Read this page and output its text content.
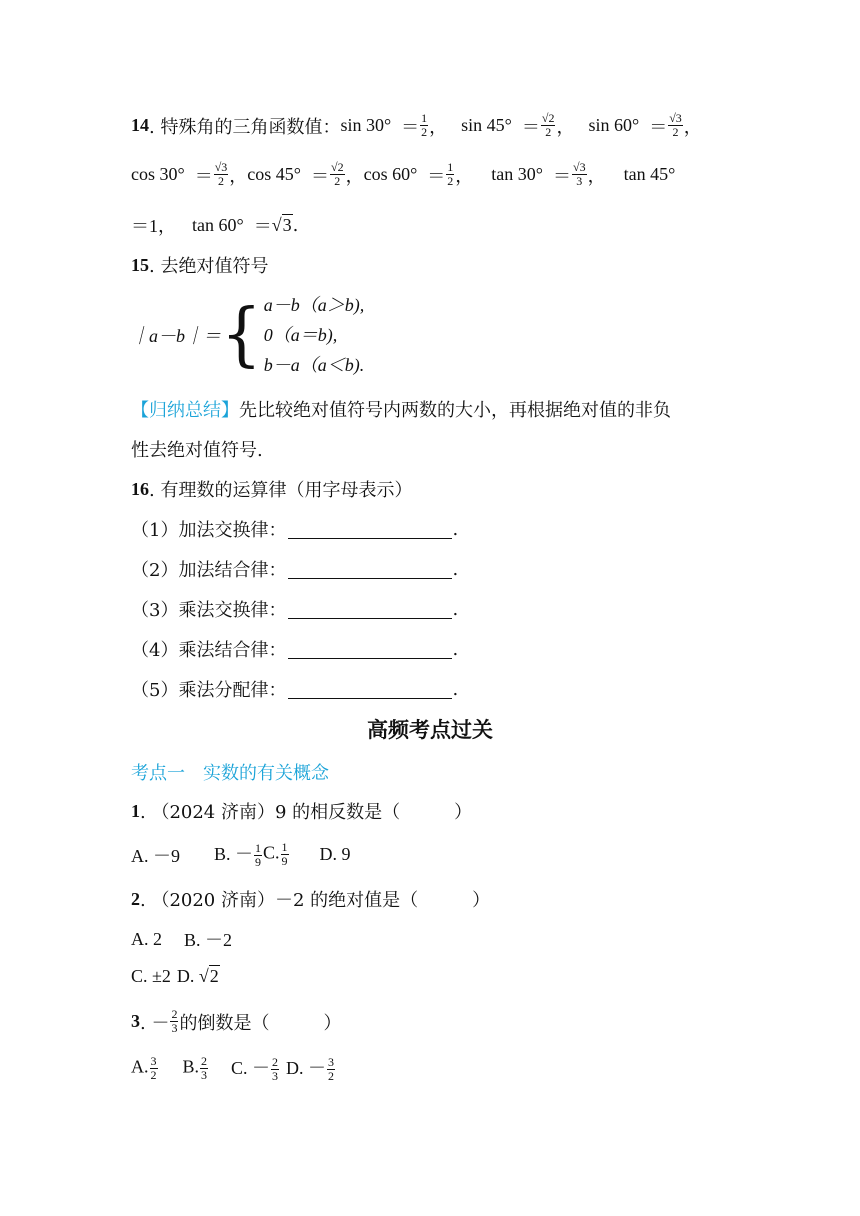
14 . 特殊角的三角函数值： $\sin 30^\circ = \frac{1}{2}$ ， $\sin 45^\circ = \frac{√2}{2}$ ， $\sin 60^\circ = \frac{√3}{2}$ ，
$\cos 30^\circ = \frac{√3}{2}$ ， $\cos 45^\circ = \frac{√2}{2}$ ， $\cos 60^\circ = \frac{1}{2}$ ， $\tan 30^\circ = \frac{√3}{3}$ ， tan 45°
＝1， tan 60° ＝ √3 .
15 . 去绝对值符号
｜a－b｜＝ { a－b（a＞b),
0（a＝b),
b－a（a＜b).
【归纳总结】先比较绝对值符号内两数的大小，再根据绝对值的非负
性去绝对值符号.
16 . 有理数的运算律（用字母表示）
（1）加法交换律：	.
（2）加法结合律：	.
（3）乘法交换律：	.
（4）乘法结合律：	.
（5）乘法分配律：	.
高频考点过关
考点一　实数的有关概念
1 . （2024 济南）9 的相反数是（　　　）
A. －9 B. － $\frac{1}{9} C$. $\frac{1}{9} D$. 9
2 . （2020 济南）－2 的绝对值是（　　　）
A. 2 B. －2
C. ±2 D. √2
3 . － $\frac{2}{3}$ 的倒数是（　　　）
A. $\frac{3}{2} B$. $\frac{2}{3} C$. － $\frac{2}{3} D$. － $\frac{3}{2}$
